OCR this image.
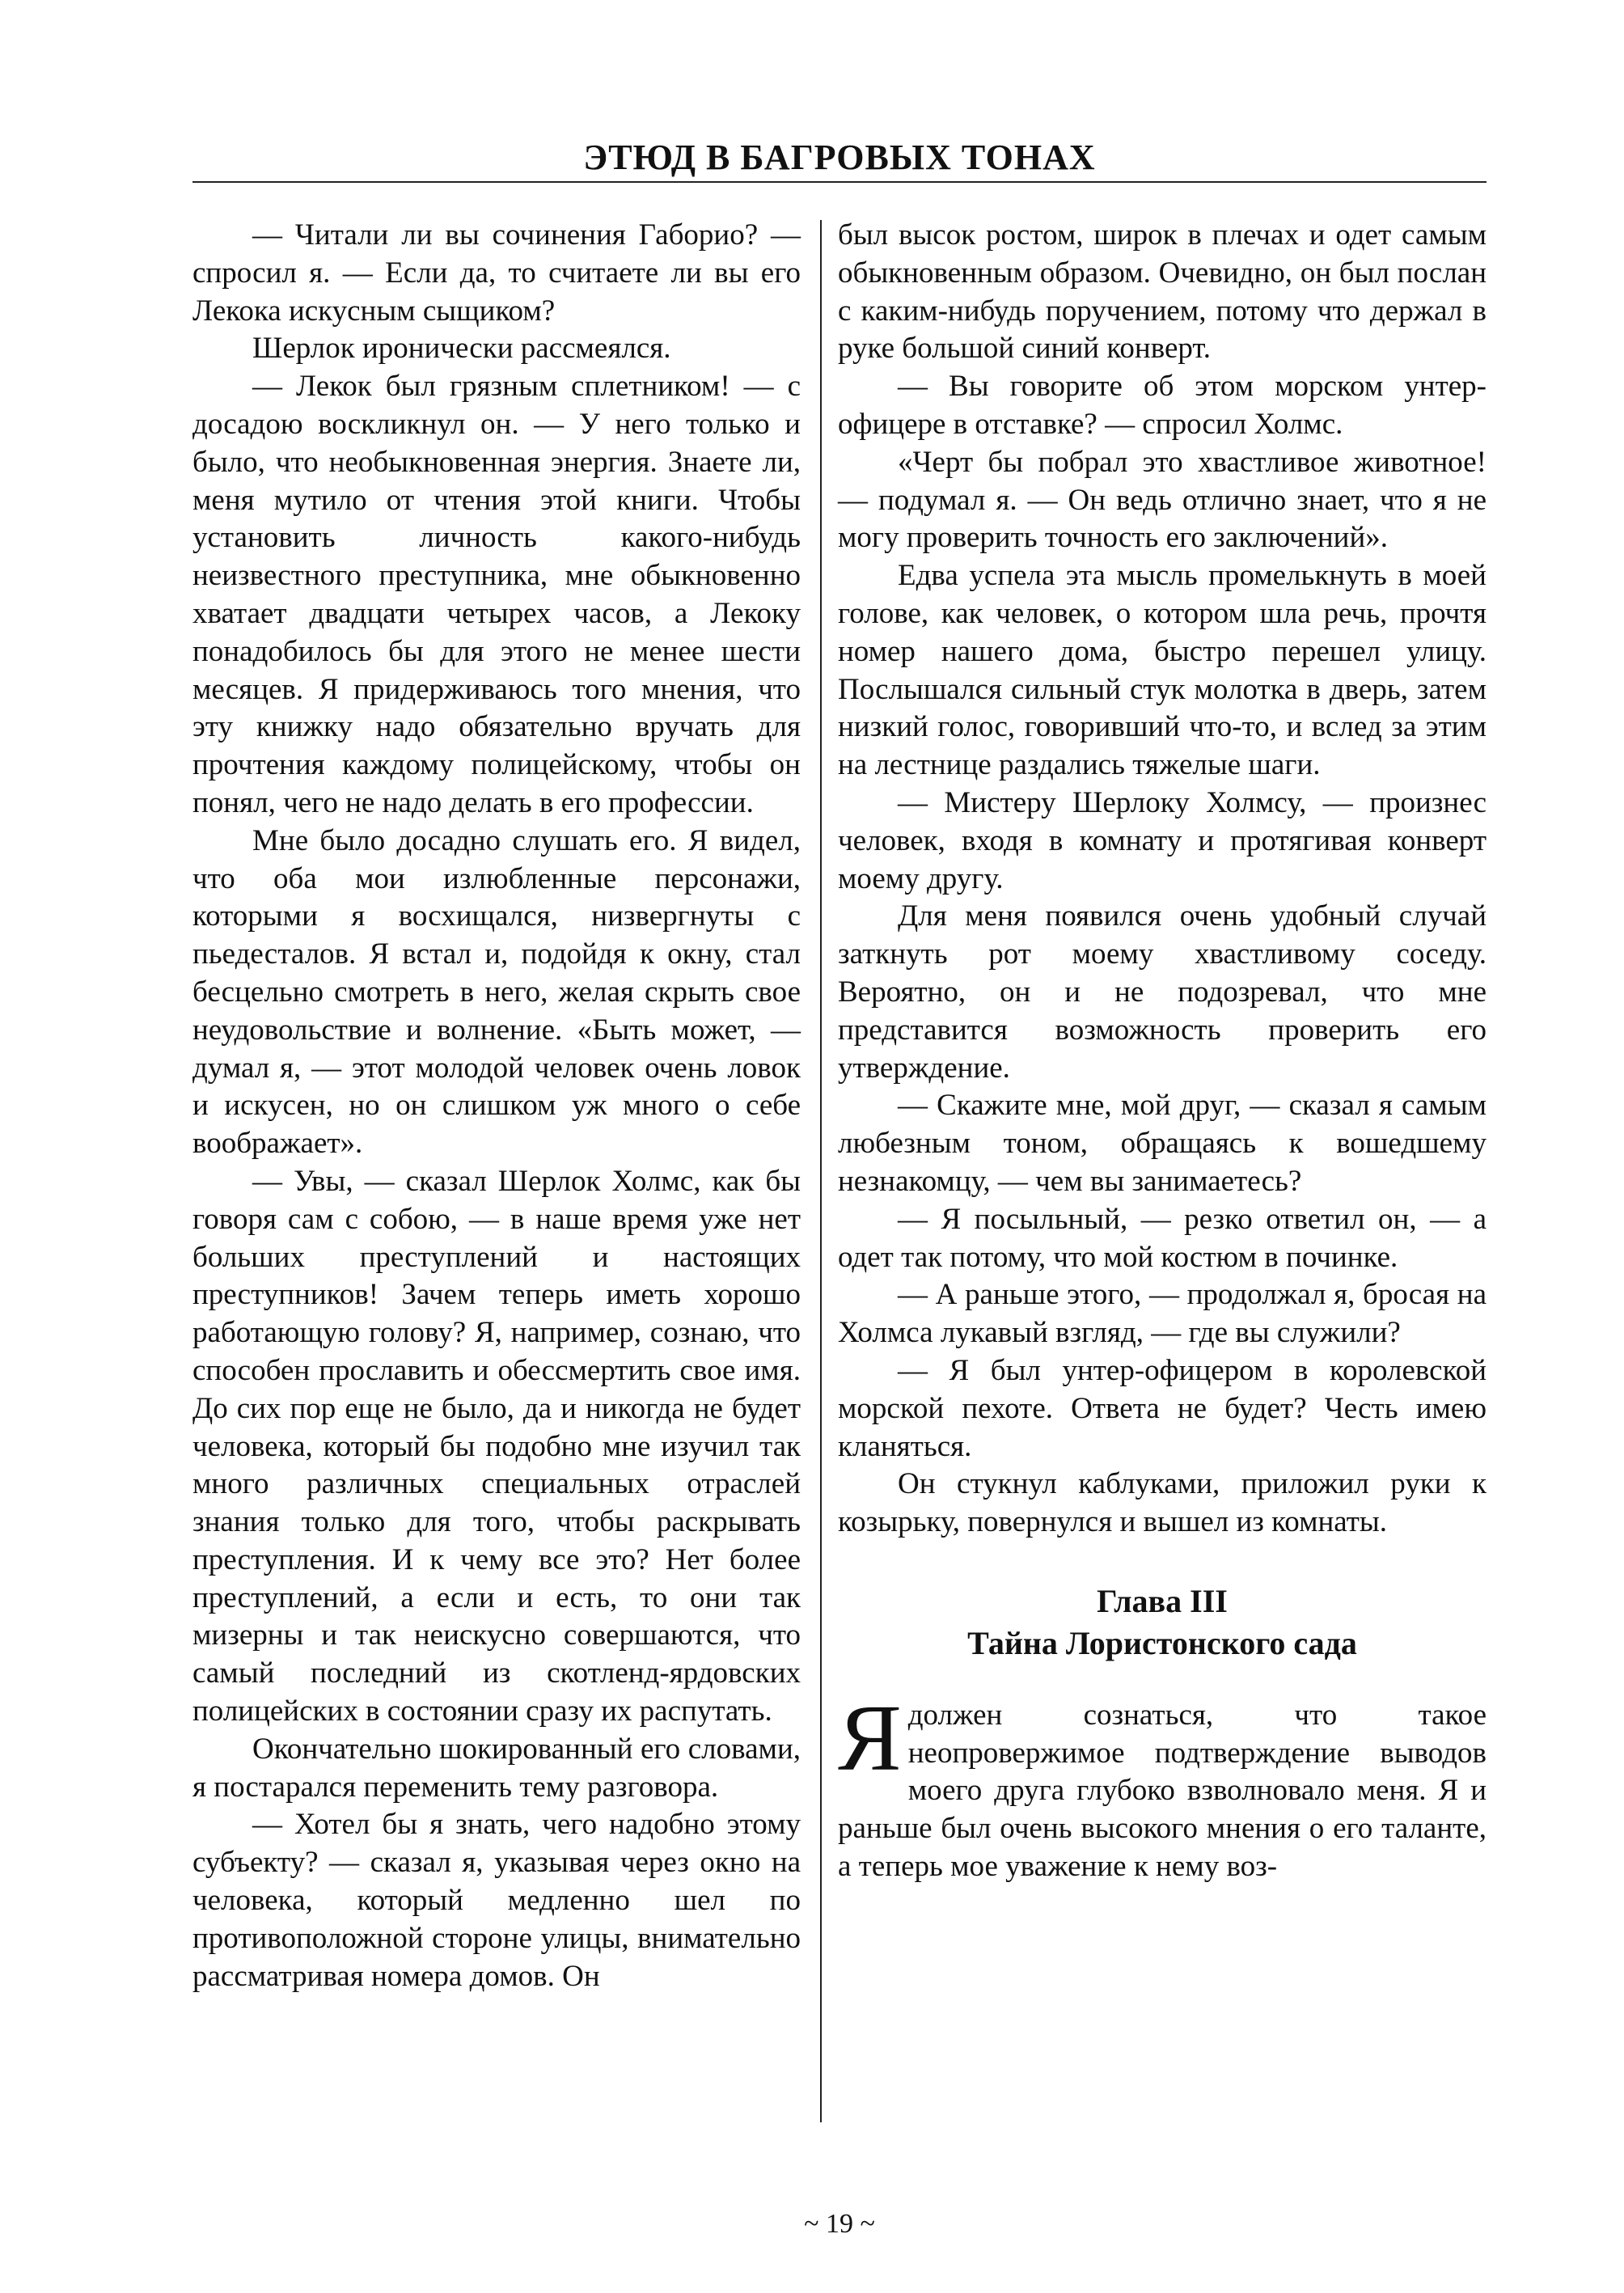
ЭТЮД В БАГРОВЫХ ТОНАХ

— Читали ли вы сочинения Габорио? — спросил я. — Если да, то считаете ли вы его Лекока искусным сыщиком?

Шерлок иронически рассмеялся.

— Лекок был грязным сплетником! — с досадою воскликнул он. — У него только и было, что необыкновенная энергия. Знаете ли, меня мутило от чтения этой книги. Чтобы установить личность какого-нибудь неизвестного преступника, мне обыкновенно хватает двадцати четырех часов, а Лекоку понадобилось бы для этого не менее шести месяцев. Я придерживаюсь того мнения, что эту книжку надо обязательно вручать для прочтения каждому полицейскому, чтобы он понял, чего не надо делать в его профессии.

Мне было досадно слушать его. Я видел, что оба мои излюбленные персонажи, которыми я восхищался, низвергнуты с пьедесталов. Я встал и, подойдя к окну, стал бесцельно смотреть в него, желая скрыть свое неудовольствие и волнение. «Быть может, — думал я, — этот молодой человек очень ловок и искусен, но он слишком уж много о себе воображает».

— Увы, — сказал Шерлок Холмс, как бы говоря сам с собою, — в наше время уже нет больших преступлений и настоящих преступников! Зачем теперь иметь хорошо работающую голову? Я, например, сознаю, что способен прославить и обессмертить свое имя. До сих пор еще не было, да и никогда не будет человека, который бы подобно мне изучил так много различных специальных отраслей знания только для того, чтобы раскрывать преступления. И к чему все это? Нет более преступлений, а если и есть, то они так мизерны и так неискусно совершаются, что самый последний из скотленд-ярдовских полицейских в состоянии сразу их распутать.

Окончательно шокированный его словами, я постарался переменить тему разговора.

— Хотел бы я знать, чего надобно этому субъекту? — сказал я, указывая через окно на человека, который медленно шел по противоположной стороне улицы, внимательно рассматривая номера домов. Он

был высок ростом, широк в плечах и одет самым обыкновенным образом. Очевидно, он был послан с каким-нибудь поручением, потому что держал в руке большой синий конверт.

— Вы говорите об этом морском унтер-офицере в отставке? — спросил Холмс.

«Черт бы побрал это хвастливое животное! — подумал я. — Он ведь отлично знает, что я не могу проверить точность его заключений».

Едва успела эта мысль промелькнуть в моей голове, как человек, о котором шла речь, прочтя номер нашего дома, быстро перешел улицу. Послышался сильный стук молотка в дверь, затем низкий голос, говоривший что-то, и вслед за этим на лестнице раздались тяжелые шаги.

— Мистеру Шерлоку Холмсу, — произнес человек, входя в комнату и протягивая конверт моему другу.

Для меня появился очень удобный случай заткнуть рот моему хвастливому соседу. Вероятно, он и не подозревал, что мне представится возможность проверить его утверждение.

— Скажите мне, мой друг, — сказал я самым любезным тоном, обращаясь к вошедшему незнакомцу, — чем вы занимаетесь?

— Я посыльный, — резко ответил он, — а одет так потому, что мой костюм в починке.

— А раньше этого, — продолжал я, бросая на Холмса лукавый взгляд, — где вы служили?

— Я был унтер-офицером в королевской морской пехоте. Ответа не будет? Честь имею кланяться.

Он стукнул каблуками, приложил руки к козырьку, повернулся и вышел из комнаты.

Глава III
Тайна Лористонского сада

Я должен сознаться, что такое неопровержимое подтверждение выводов моего друга глубоко взволновало меня. Я и раньше был очень высокого мнения о его таланте, а теперь мое уважение к нему воз-

~ 19 ~
